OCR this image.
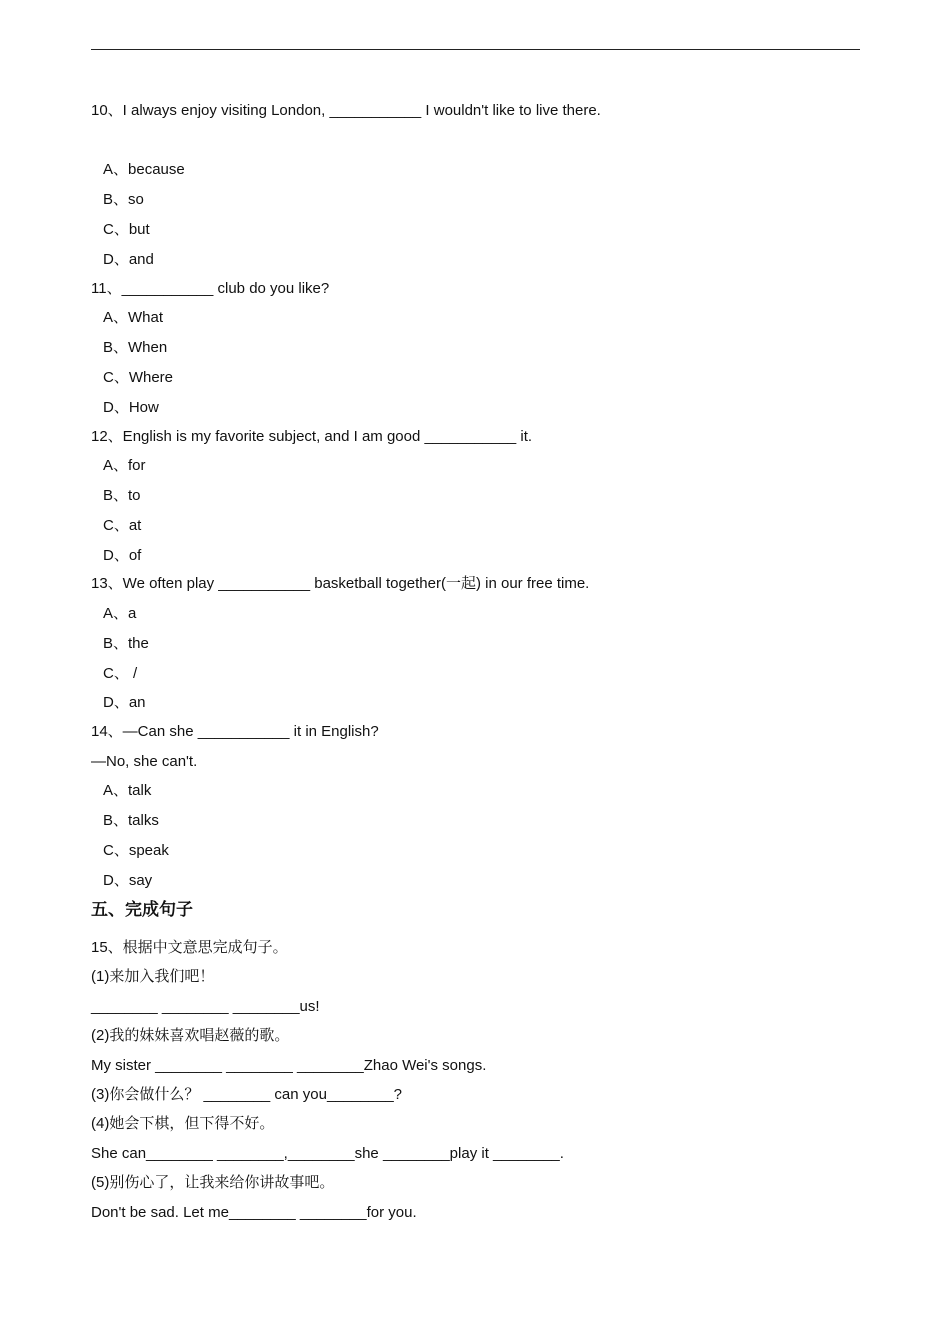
10、I always enjoy visiting London, ___________ I wouldn't like to live there.
A、because
B、so
C、but
D、and
11、___________ club do you like?
A、What
B、When
C、Where
D、How
12、English is my favorite subject, and I am good ___________ it.
A、for
B、to
C、at
D、of
13、We often play ___________ basketball together(一起) in our free time.
A、a
B、the
C、 /
D、an
14、—Can she ___________ it in English?
—No, she can't.
A、talk
B、talks
C、speak
D、say
五、完成句子
15、根据中文意思完成句子。
(1)来加入我们吧！
________ ________ ________us!
(2)我的妹妹喜欢唱赵薇的歌。
My sister ________ ________ ________Zhao Wei's songs.
(3)你会做什么？ ________ can you________?
(4)她会下棋，但下得不好。
She can________ ________,________she ________play it ________.
(5)别伤心了，让我来给你讲故事吧。
Don't be sad. Let me________ ________for you.
